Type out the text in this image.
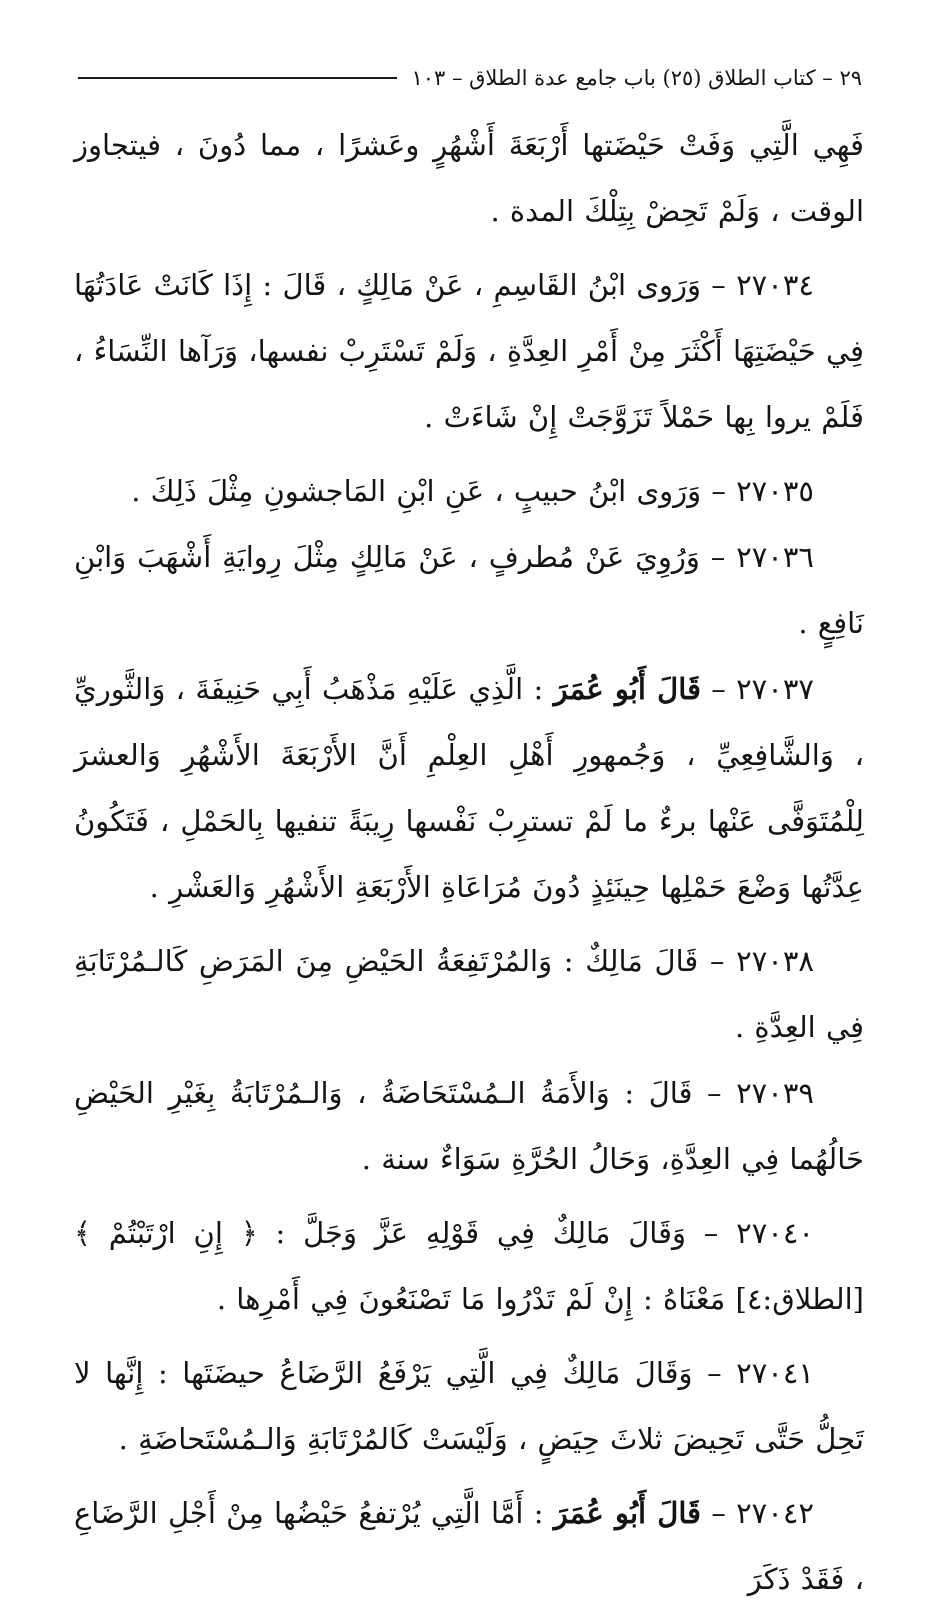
٢٩ – كتاب الطلاق (٢٥) باب جامع عدة الطلاق – ١٠٣

فَهِي الَّتِي وَفَتْ حَيْضَتها أَرْبَعَةَ أَشْهُرٍ وعَشرًا ، مما دُونَ ، فيتجاوز الوقت ، وَلَمْ تَحِضْ بِتِلْكَ المدة .

٢٧٠٣٤ – وَرَوى ابْنُ القَاسِمِ ، عَنْ مَالِكٍ ، قَالَ : إِذَا كَانَتْ عَادَتُهَا فِي حَيْضَتِهَا أَكْثَرَ مِنْ أَمْرِ العِدَّةِ ، وَلَمْ تَسْتَرِبْ نفسها، وَرَآها النِّسَاءُ ، فَلَمْ يروا بِها حَمْلاً تَزَوَّجَتْ إِنْ شَاءَتْ .

٢٧٠٣٥ – وَرَوى ابْنُ حبيبٍ ، عَنِ ابْنِ المَاجشونِ مِثْلَ ذَلِكَ .

٢٧٠٣٦ – وَرُوِيَ عَنْ مُطرفٍ ، عَنْ مَالِكٍ مِثْلَ رِوايَةِ أَشْهَبَ وَابْنِ نَافِعٍ .

٢٧٠٣٧ – قَالَ أَبُو عُمَرَ : الَّذِي عَلَيْهِ مَذْهَبُ أَبِي حَنِيفَةَ ، وَالثَّوريِّ ، وَالشَّافِعِيِّ ، وَجُمهورِ أَهْلِ العِلْمِ أَنَّ الأَرْبَعَةَ الأَشْهُرِ وَالعشرَ لِلْمُتَوَفَّى عَنْها برءٌ ما لَمْ تسترِبْ نَفْسها رِيبَةً تنفيها بِالحَمْلِ ، فَتَكُونُ عِدَّتُها وَضْعَ حَمْلِها حِينَئِذٍ دُونَ مُرَاعَاةِ الأَرْبَعَةِ الأَشْهُرِ وَالعَشْرِ .

٢٧٠٣٨ – قَالَ مَالِكٌ : وَالمُرْتَفِعَةُ الحَيْضِ مِنَ المَرَضِ كَالـمُرْتَابَةِ فِي العِدَّةِ .

٢٧٠٣٩ – قَالَ : وَالأَمَةُ الـمُسْتَحَاضَةُ ، وَالـمُرْتَابَةُ بِغَيْرِ الحَيْضِ حَالُهُما فِي العِدَّةِ، وَحَالُ الحُرَّةِ سَوَاءٌ سنة .

٢٧٠٤٠ – وَقَالَ مَالِكٌ فِي قَوْلِهِ عَزَّ وَجَلَّ : ﴿ إِنِ ارْتَبْتُمْ ﴾ [الطلاق:٤] مَعْنَاهُ : إِنْ لَمْ تَدْرُوا مَا تَصْنَعُونَ فِي أَمْرِها .

٢٧٠٤١ – وَقَالَ مَالِكٌ فِي الَّتِي يَرْفَعُ الرَّضَاعُ حيضَتَها : إِنَّها لا تَحِلُّ حَتَّى تَحِيضَ ثلاثَ حِيَضٍ ، وَلَيْسَتْ كَالمُرْتَابَةِ وَالـمُسْتَحاضَةِ .

٢٧٠٤٢ – قَالَ أَبُو عُمَرَ : أَمَّا الَّتِي يُرْتفعُ حَيْضُها مِنْ أَجْلِ الرَّضَاعِ ، فَقَدْ ذَكَرَ
